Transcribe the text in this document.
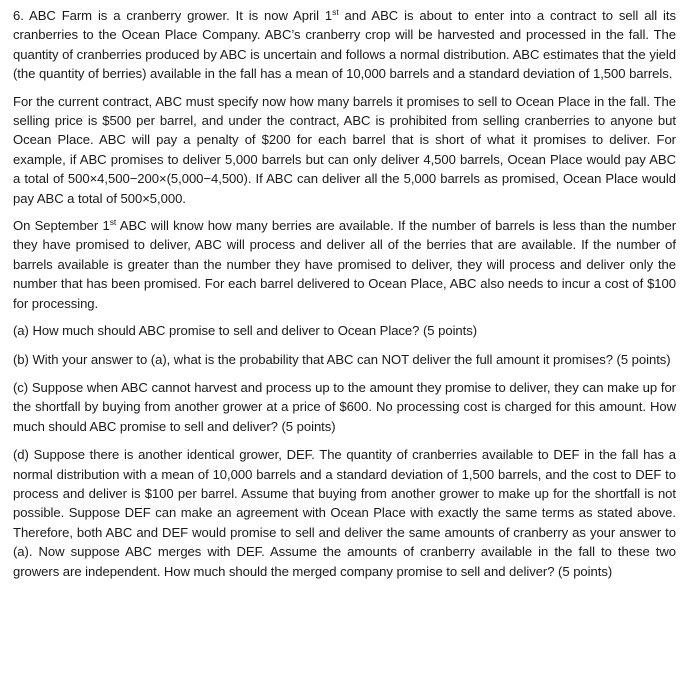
6. ABC Farm is a cranberry grower. It is now April 1st and ABC is about to enter into a contract to sell all its cranberries to the Ocean Place Company. ABC’s cranberry crop will be harvested and processed in the fall. The quantity of cranberries produced by ABC is uncertain and follows a normal distribution. ABC estimates that the yield (the quantity of berries) available in the fall has a mean of 10,000 barrels and a standard deviation of 1,500 barrels.

For the current contract, ABC must specify now how many barrels it promises to sell to Ocean Place in the fall. The selling price is $500 per barrel, and under the contract, ABC is prohibited from selling cranberries to anyone but Ocean Place. ABC will pay a penalty of $200 for each barrel that is short of what it promises to deliver. For example, if ABC promises to deliver 5,000 barrels but can only deliver 4,500 barrels, Ocean Place would pay ABC a total of 500×4,500−200×(5,000−4,500). If ABC can deliver all the 5,000 barrels as promised, Ocean Place would pay ABC a total of 500×5,000.

On September 1st ABC will know how many berries are available. If the number of barrels is less than the number they have promised to deliver, ABC will process and deliver all of the berries that are available. If the number of barrels available is greater than the number they have promised to deliver, they will process and deliver only the number that has been promised. For each barrel delivered to Ocean Place, ABC also needs to incur a cost of $100 for processing.

(a) How much should ABC promise to sell and deliver to Ocean Place? (5 points)

(b) With your answer to (a), what is the probability that ABC can NOT deliver the full amount it promises? (5 points)

(c) Suppose when ABC cannot harvest and process up to the amount they promise to deliver, they can make up for the shortfall by buying from another grower at a price of $600. No processing cost is charged for this amount. How much should ABC promise to sell and deliver? (5 points)

(d) Suppose there is another identical grower, DEF. The quantity of cranberries available to DEF in the fall has a normal distribution with a mean of 10,000 barrels and a standard deviation of 1,500 barrels, and the cost to DEF to process and deliver is $100 per barrel. Assume that buying from another grower to make up for the shortfall is not possible. Suppose DEF can make an agreement with Ocean Place with exactly the same terms as stated above. Therefore, both ABC and DEF would promise to sell and deliver the same amounts of cranberry as your answer to (a). Now suppose ABC merges with DEF. Assume the amounts of cranberry available in the fall to these two growers are independent. How much should the merged company promise to sell and deliver? (5 points)
